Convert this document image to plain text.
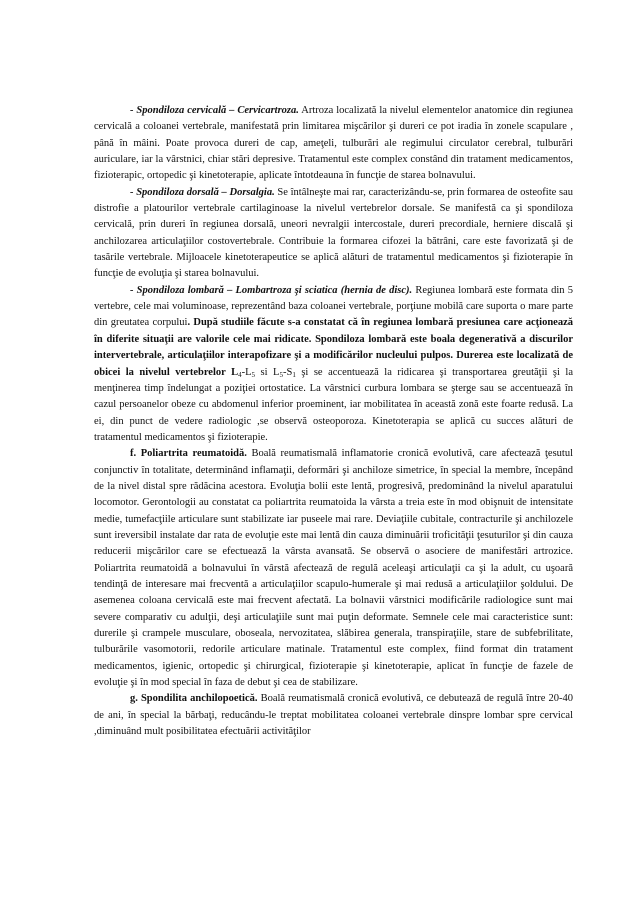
- Spondiloza cervicală – Cervicartroza. Artroza localizată la nivelul elementelor anatomice din regiunea cervicală a coloanei vertebrale, manifestată prin limitarea mişcărilor şi dureri ce pot iradia în zonele scapulare , până în mâini. Poate provoca dureri de cap, ameţeli, tulburări ale regimului circulator cerebral, tulburări auriculare, iar la vârstnici, chiar stări depresive. Tratamentul este complex constând din tratament medicamentos, fizioterapic, ortopedic şi kinetoterapie, aplicate întotdeauna în funcţie de starea bolnavului.

- Spondiloza dorsală – Dorsalgia. Se întâlneşte mai rar, caracterizându-se, prin formarea de osteofite sau distrofie a platourilor vertebrale cartilaginoase la nivelul vertebrelor dorsale. Se manifestă ca şi spondiloza cervicală, prin dureri în regiunea dorsală, uneori nevralgii intercostale, dureri precordiale, herniere discală şi anchilozarea articulaţiilor costovertebrale. Contribuie la formarea cifozei la bătrâni, care este favorizată şi de tasările vertebrale. Mijloacele kinetoterapeutice se aplică alături de tratamentul medicamentos şi fizioterapie în funcţie de evoluţia şi starea bolnavului.

- Spondiloza lombară – Lombartroza şi sciatica (hernia de disc). Regiunea lombară este formata din 5 vertebre, cele mai voluminoase, reprezentând baza coloanei vertebrale, porţiune mobilă care suporta o mare parte din greutatea corpului. După studiile făcute s-a constatat că în regiunea lombară presiunea care acţionează în diferite situaţii are valorile cele mai ridicate. Spondiloza lombară este boala degenerativă a discurilor intervertebrale, articulaţiilor interapofizare şi a modificărilor nucleului pulpos. Durerea este localizată de obicei la nivelul vertebrelor $L_4-L_5$ si $L_5-S_1$ şi se accentuează la ridicarea şi transportarea greutăţii şi la menţinerea timp îndelungat a poziţiei ortostatice. La vârstnici curbura lombara se şterge sau se accentuează în cazul persoanelor obeze cu abdomenul inferior proeminent, iar mobilitatea în această zonă este foarte redusă. La ei, din punct de vedere radiologic ,se observă osteoporoza. Kinetoterapia se aplică cu succes alături de tratamentul medicamentos şi fizioterapie.

f. Poliartrita reumatoidă. Boală reumatismală inflamatorie cronică evolutivă, care afectează ţesutul conjunctiv în totalitate, determinând inflamaţii, deformări şi anchiloze simetrice, în special la membre, începând de la nivel distal spre rădăcina acestora. Evoluţia bolii este lentă, progresivă, predominând la nivelul aparatului locomotor. Gerontologii au constatat ca poliartrita reumatoida la vârsta a treia este în mod obişnuit de intensitate medie, tumefacţiile articulare sunt stabilizate iar puseele mai rare. Deviaţiile cubitale, contracturile şi anchilozele sunt ireversibil instalate dar rata de evoluţie este mai lentă din cauza diminuării troficităţii ţesuturilor şi din cauza reducerii mişcărilor care se efectuează la vârsta avansată. Se observă o asociere de manifestări artrozice. Poliartrita reumatoidă a bolnavului în vârstă afectează de regulă aceleaşi articulaţii ca şi la adult, cu uşoară tendinţă de interesare mai frecventă a articulaţiilor scapulo-humerale şi mai redusă a articulaţiilor şoldului. De asemenea coloana cervicală este mai frecvent afectată. La bolnavii vârstnici modificările radiologice sunt mai severe comparativ cu adulţii, deşi articulaţiile sunt mai puţin deformate. Semnele cele mai caracteristice sunt: durerile şi crampele musculare, oboseala, nervozitatea, slăbirea generala, transpiraţiile, stare de subfebrilitate, tulburările vasomotorii, redorile articulare matinale. Tratamentul este complex, fiind format din tratament medicamentos, igienic, ortopedic şi chirurgical, fizioterapie şi kinetoterapie, aplicat în funcţie de fazele de evoluţie şi în mod special în faza de debut şi cea de stabilizare.

g. Spondilita anchilopoetică. Boală reumatismală cronică evolutivă, ce debutează de regulă între 20-40 de ani, în special la bărbaţi, reducându-le treptat mobilitatea coloanei vertebrale dinspre lombar spre cervical ,diminuând mult posibilitatea efectuării activităţilor
